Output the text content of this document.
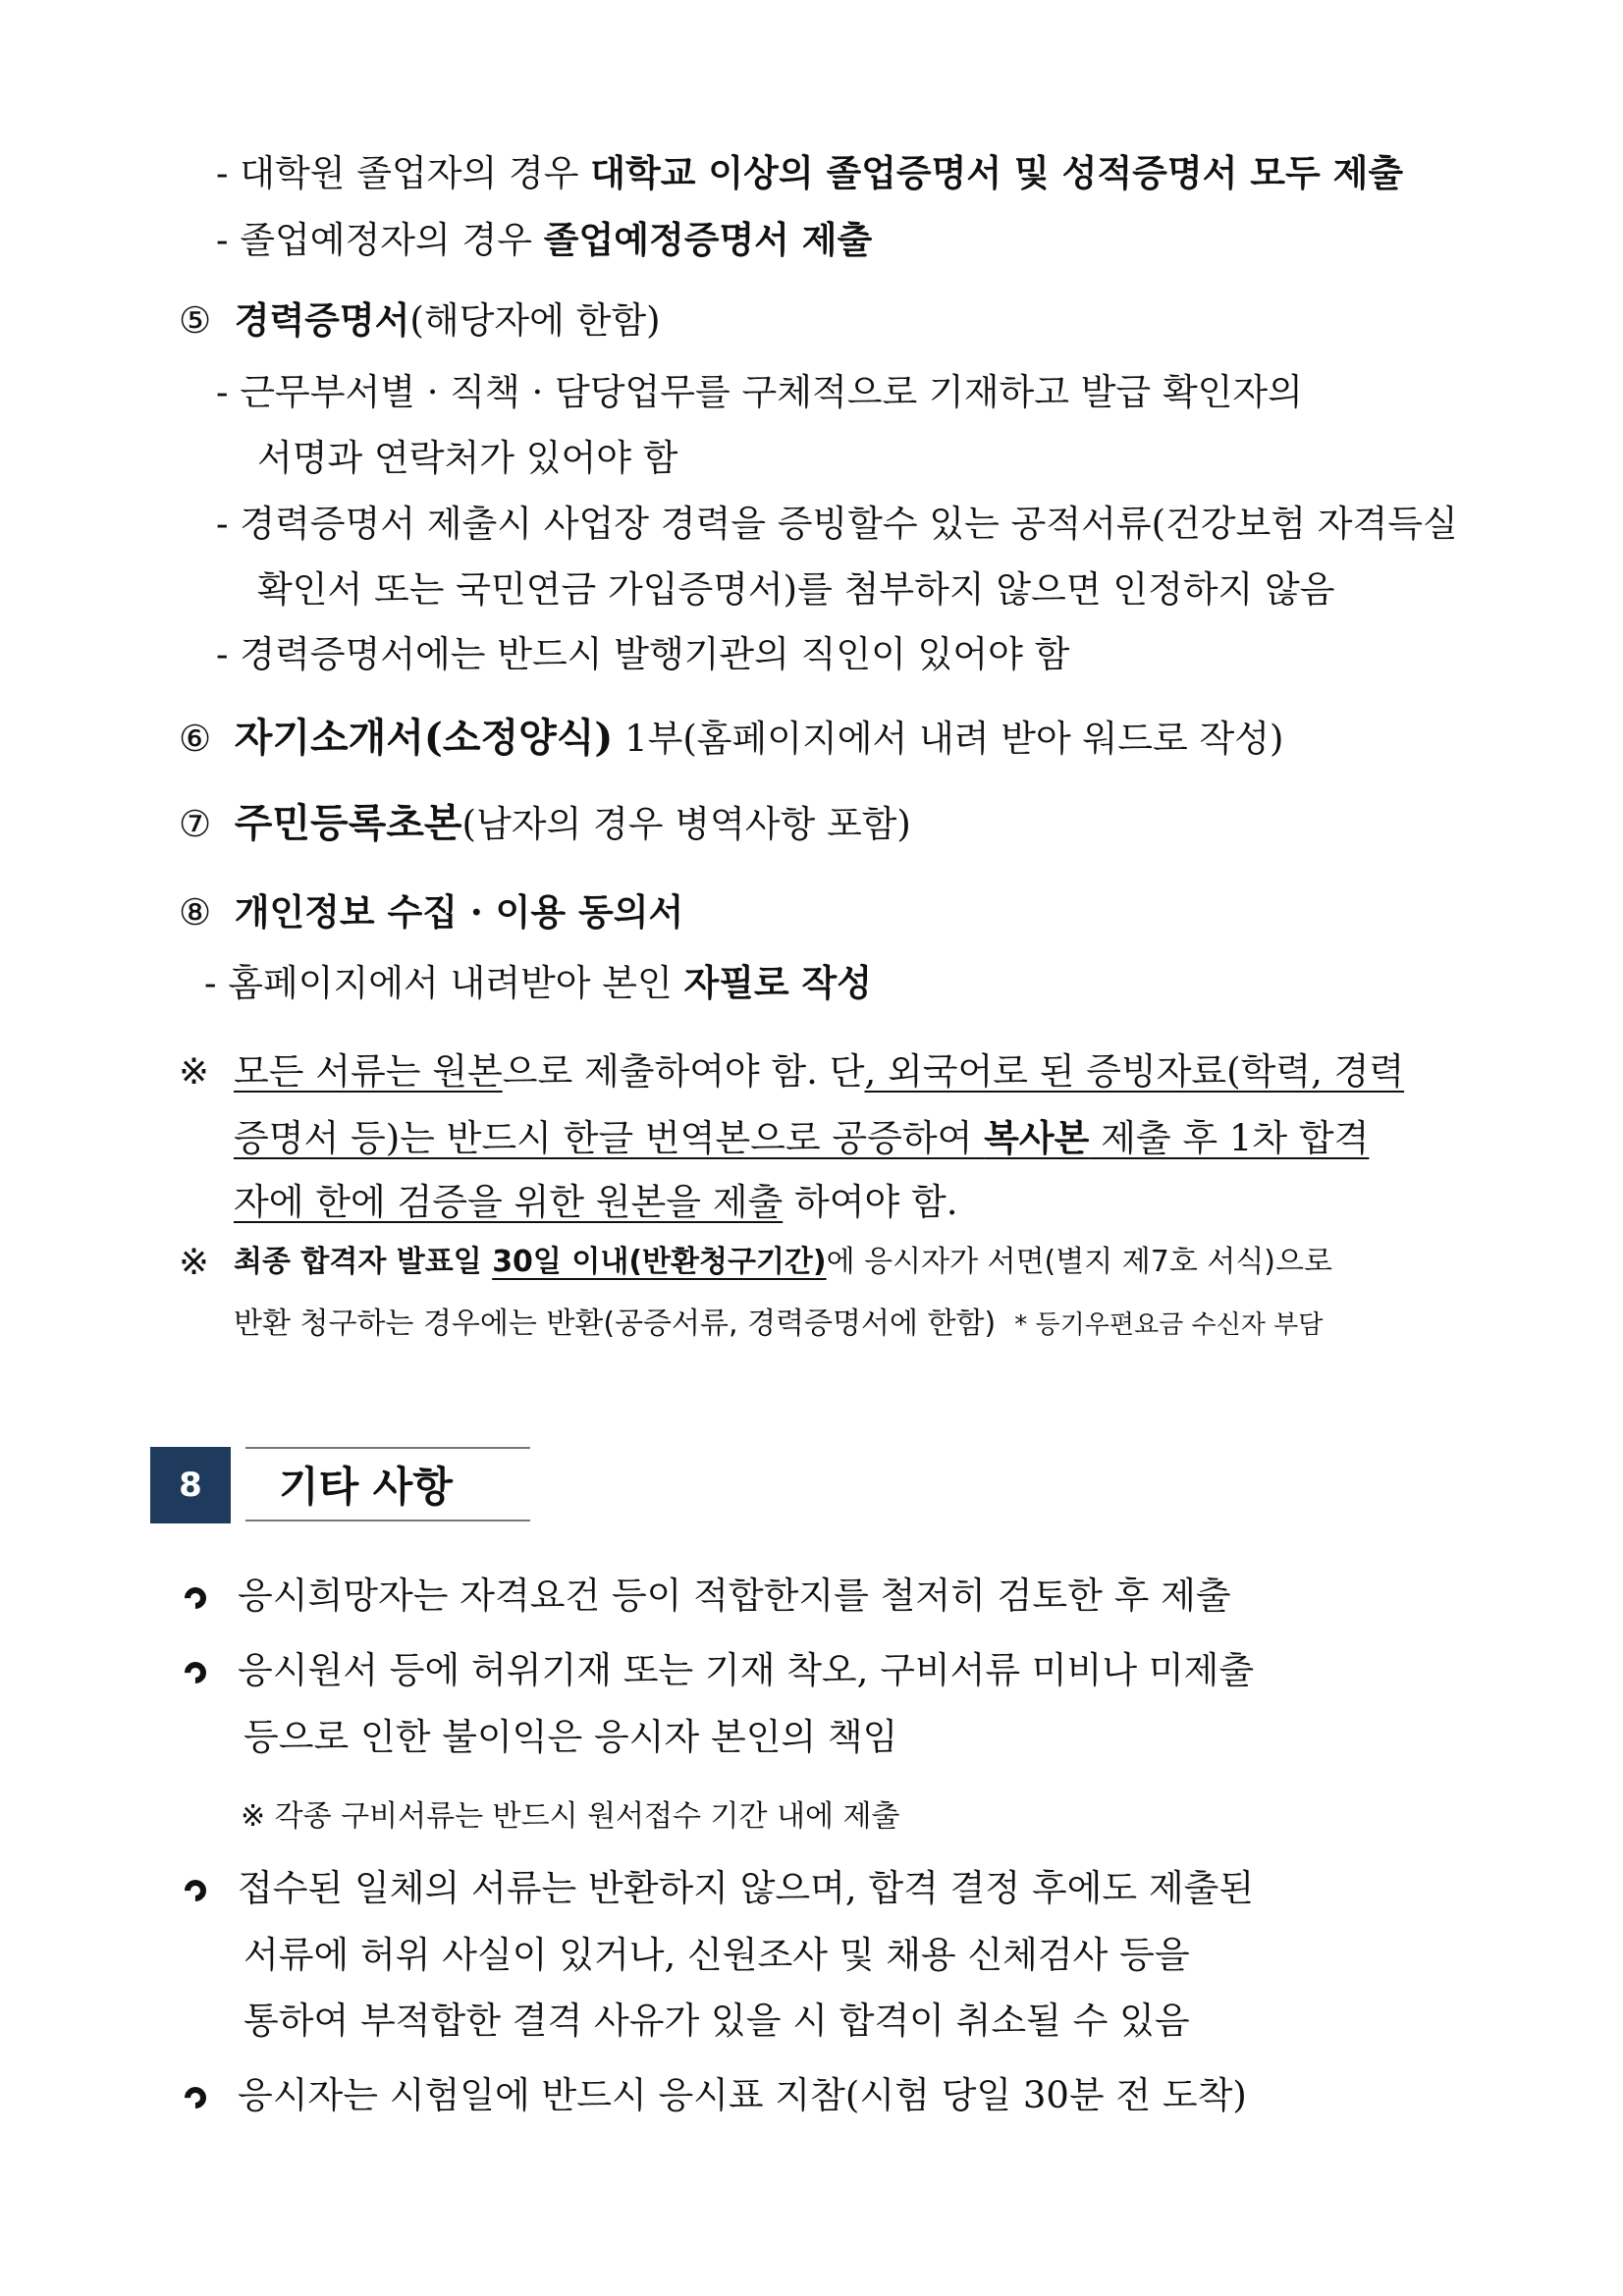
- 대학원 졸업자의 경우 대학교 이상의 졸업증명서 및 성적증명서 모두 제출
- 졸업예정자의 경우 졸업예정증명서 제출
⑤ 경력증명서(해당자에 한함)
- 근무부서별 · 직책 · 담당업무를 구체적으로 기재하고 발급 확인자의
서명과 연락처가 있어야 함
- 경력증명서 제출시 사업장 경력을 증빙할수 있는 공적서류(건강보험 자격득실
확인서 또는 국민연금 가입증명서)를 첨부하지 않으면 인정하지 않음
- 경력증명서에는 반드시 발행기관의 직인이 있어야 함
⑥ 자기소개서(소정양식) 1부(홈페이지에서 내려 받아 워드로 작성)
⑦ 주민등록초본(남자의 경우 병역사항 포함)
⑧ 개인정보 수집 · 이용 동의서
- 홈페이지에서 내려받아 본인 자필로 작성
※ 모든 서류는 원본으로 제출하여야 함. 단, 외국어로 된 증빙자료(학력, 경력
증명서 등)는 반드시 한글 번역본으로 공증하여 복사본 제출 후 1차 합격
자에 한에 검증을 위한 원본을 제출 하여야 함.
※ 최종 합격자 발표일 30일 이내(반환청구기간)에 응시자가 서면(별지 제7호 서식)으로
반환 청구하는 경우에는 반환(공증서류, 경력증명서에 한함) * 등기우편요금 수신자 부담
8	기타 사항
응시희망자는 자격요건 등이 적합한지를 철저히 검토한 후 제출
응시원서 등에 허위기재 또는 기재 착오, 구비서류 미비나 미제출
등으로 인한 불이익은 응시자 본인의 책임
※ 각종 구비서류는 반드시 원서접수 기간 내에 제출
접수된 일체의 서류는 반환하지 않으며, 합격 결정 후에도 제출된
서류에 허위 사실이 있거나, 신원조사 및 채용 신체검사 등을
통하여 부적합한 결격 사유가 있을 시 합격이 취소될 수 있음
응시자는 시험일에 반드시 응시표 지참(시험 당일 30분 전 도착)
